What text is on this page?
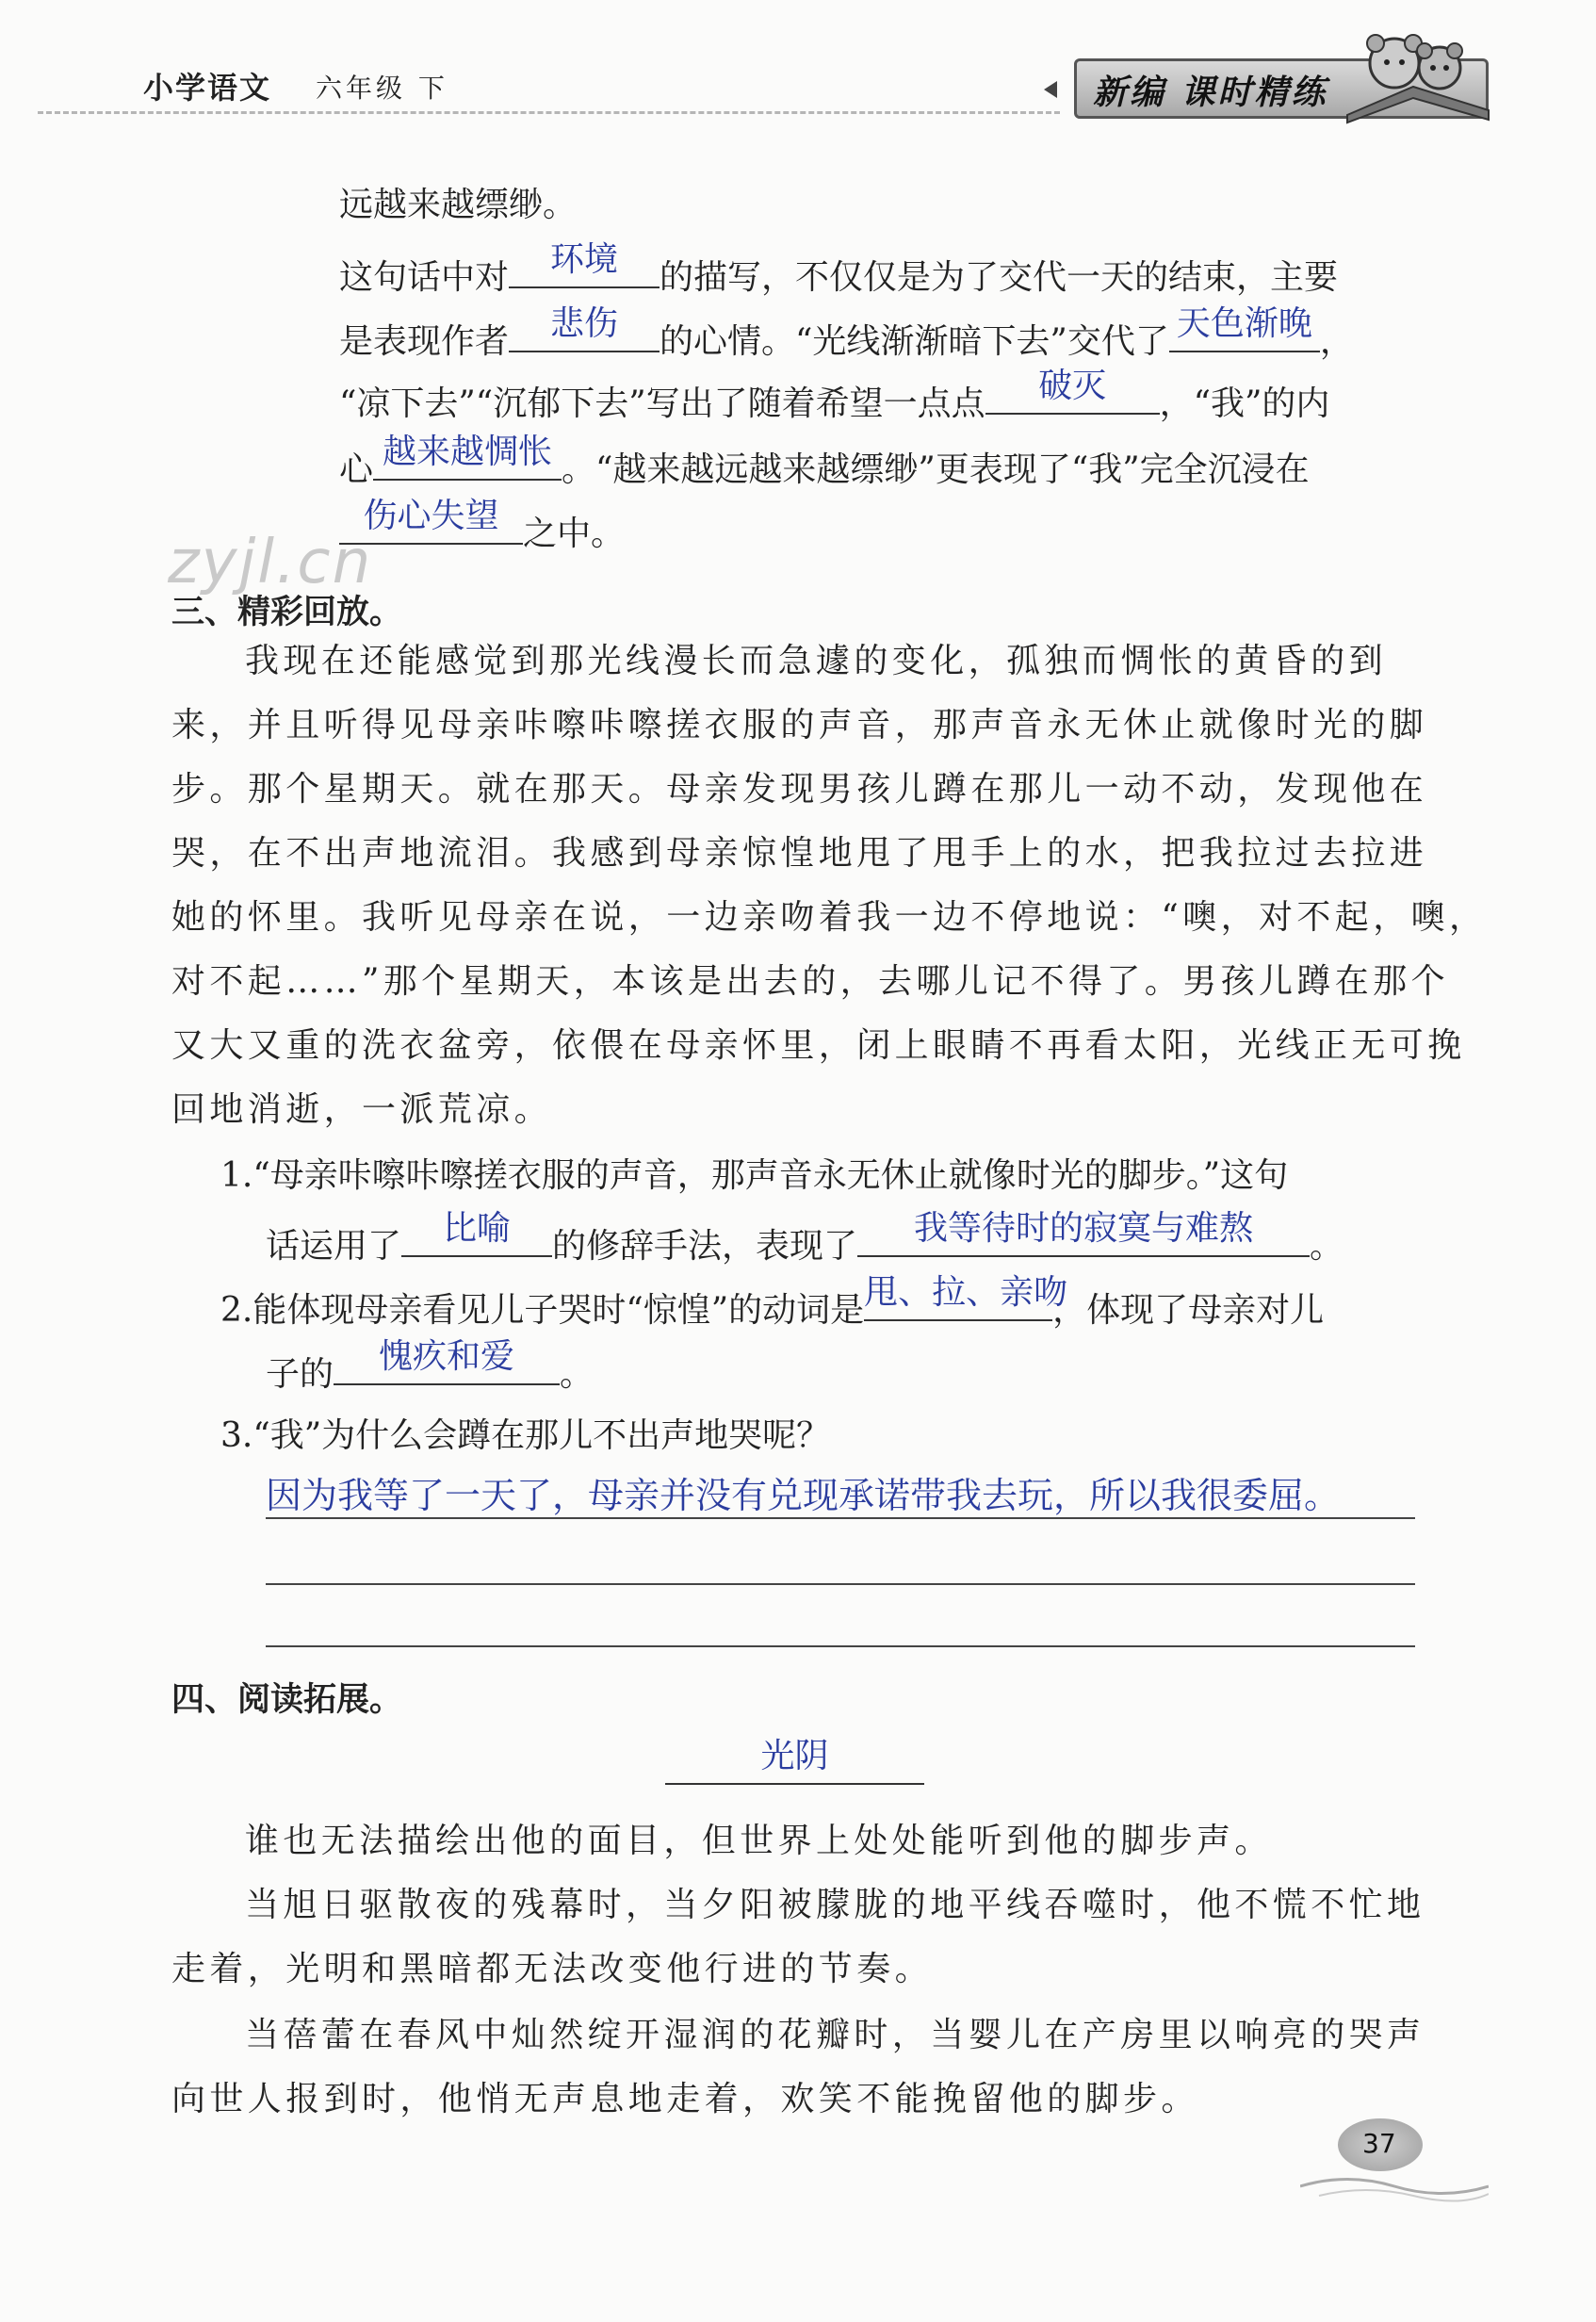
小学语文 六年级 下	新编 课时精练
远越来越缥缈。
这句话中对	环境	的描写，不仅仅是为了交代一天的结束，主要
是表现作者	悲伤	的心情。“光线渐渐暗下去”交代了 天色渐晚 ，
“凉下去”“沉郁下去”写出了随着希望一点点	破灭	，“我”的内
心 越来越惆怅 。“越来越远越来越缥缈”更表现了“我”完全沉浸在
伤心失望 之中。
zyjl.cn
三、精彩回放。
我现在还能感觉到那光线漫长而急遽的变化，孤独而惆怅的黄昏的到
来，并且听得见母亲咔嚓咔嚓搓衣服的声音，那声音永无休止就像时光的脚
步。那个星期天。就在那天。母亲发现男孩儿蹲在那儿一动不动，发现他在
哭，在不出声地流泪。我感到母亲惊惶地甩了甩手上的水，把我拉过去拉进
她的怀里。我听见母亲在说，一边亲吻着我一边不停地说：“噢，对不起，噢，
对不起……”那个星期天，本该是出去的，去哪儿记不得了。男孩儿蹲在那个
又大又重的洗衣盆旁，依偎在母亲怀里，闭上眼睛不再看太阳，光线正无可挽
回地消逝，一派荒凉。
1.“母亲咔嚓咔嚓搓衣服的声音，那声音永无休止就像时光的脚步。”这句
话运用了	比喻	的修辞手法，表现了	我等待时的寂寞与难熬	。
2.能体现母亲看见儿子哭时“惊惶”的动词是 甩、拉、亲吻
，体现了母亲对儿
子的	愧疚和爱	。
3.“我”为什么会蹲在那儿不出声地哭呢？
因为我等了一天了，母亲并没有兑现承诺带我去玩，所以我很委屈。
四、阅读拓展。
光阴
谁也无法描绘出他的面目，但世界上处处能听到他的脚步声。
当旭日驱散夜的残幕时，当夕阳被朦胧的地平线吞噬时，他不慌不忙地
走着，光明和黑暗都无法改变他行进的节奏。
当蓓蕾在春风中灿然绽开湿润的花瓣时，当婴儿在产房里以响亮的哭声
向世人报到时，他悄无声息地走着，欢笑不能挽留他的脚步。
37
